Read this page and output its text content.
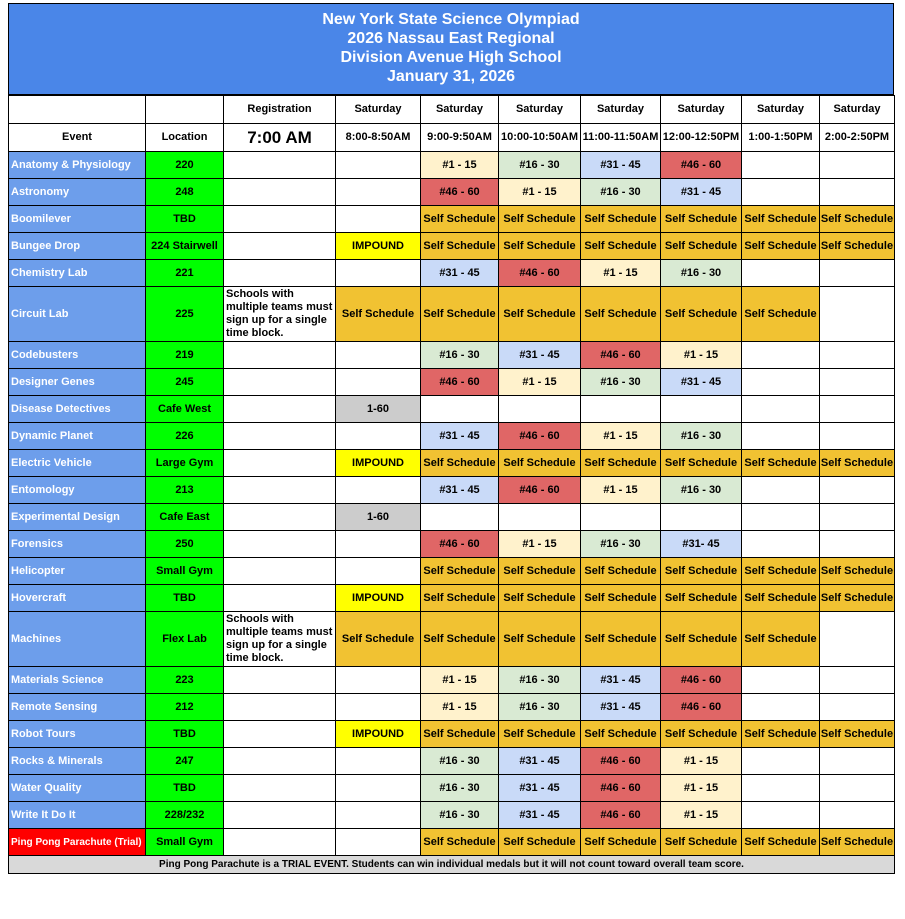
New York State Science Olympiad
2026 Nassau East Regional
Division Avenue High School
January 31, 2026
		Registration	Saturday	Saturday	Saturday	Saturday	Saturday	Saturday	Saturday
Event	Location	7:00 AM	8:00-8:50AM	9:00-9:50AM	10:00-10:50AM	11:00-11:50AM	12:00-12:50PM	1:00-1:50PM	2:00-2:50PM
Anatomy & Physiology	220			#1 - 15	#16 - 30	#31 - 45	#46 - 60		
Astronomy	248			#46 - 60	#1 - 15	#16 - 30	#31 - 45		
Boomilever	TBD			Self Schedule	Self Schedule	Self Schedule	Self Schedule	Self Schedule	Self Schedule
Bungee Drop	224 Stairwell		IMPOUND	Self Schedule	Self Schedule	Self Schedule	Self Schedule	Self Schedule	Self Schedule
Chemistry Lab	221			#31 - 45	#46 - 60	#1 - 15	#16 - 30		
Circuit Lab	225	Schools with multiple teams must sign up for a single time block.	Self Schedule	Self Schedule	Self Schedule	Self Schedule	Self Schedule	Self Schedule	
Codebusters	219			#16 - 30	#31 - 45	#46 - 60	#1 - 15		
Designer Genes	245			#46 - 60	#1 - 15	#16 - 30	#31 - 45		
Disease Detectives	Cafe West		1-60						
Dynamic Planet	226			#31 - 45	#46 - 60	#1 - 15	#16 - 30		
Electric Vehicle	Large Gym		IMPOUND	Self Schedule	Self Schedule	Self Schedule	Self Schedule	Self Schedule	Self Schedule
Entomology	213			#31 - 45	#46 - 60	#1 - 15	#16 - 30		
Experimental Design	Cafe East		1-60						
Forensics	250			#46 - 60	#1 - 15	#16 - 30	#31- 45		
Helicopter	Small Gym			Self Schedule	Self Schedule	Self Schedule	Self Schedule	Self Schedule	Self Schedule
Hovercraft	TBD		IMPOUND	Self Schedule	Self Schedule	Self Schedule	Self Schedule	Self Schedule	Self Schedule
Machines	Flex Lab	Schools with multiple teams must sign up for a single time block.	Self Schedule	Self Schedule	Self Schedule	Self Schedule	Self Schedule	Self Schedule	
Materials Science	223			#1 - 15	#16 - 30	#31 - 45	#46 - 60		
Remote Sensing	212			#1 - 15	#16 - 30	#31 - 45	#46 - 60		
Robot Tours	TBD		IMPOUND	Self Schedule	Self Schedule	Self Schedule	Self Schedule	Self Schedule	Self Schedule
Rocks & Minerals	247			#16 - 30	#31 - 45	#46 - 60	#1 - 15		
Water Quality	TBD			#16 - 30	#31 - 45	#46 - 60	#1 - 15		
Write It Do It	228/232			#16 - 30	#31 - 45	#46 - 60	#1 - 15		
Ping Pong Parachute (Trial)	Small Gym			Self Schedule	Self Schedule	Self Schedule	Self Schedule	Self Schedule	Self Schedule
Ping Pong Parachute is a TRIAL EVENT. Students can win individual medals but it will not count toward overall team score.									
